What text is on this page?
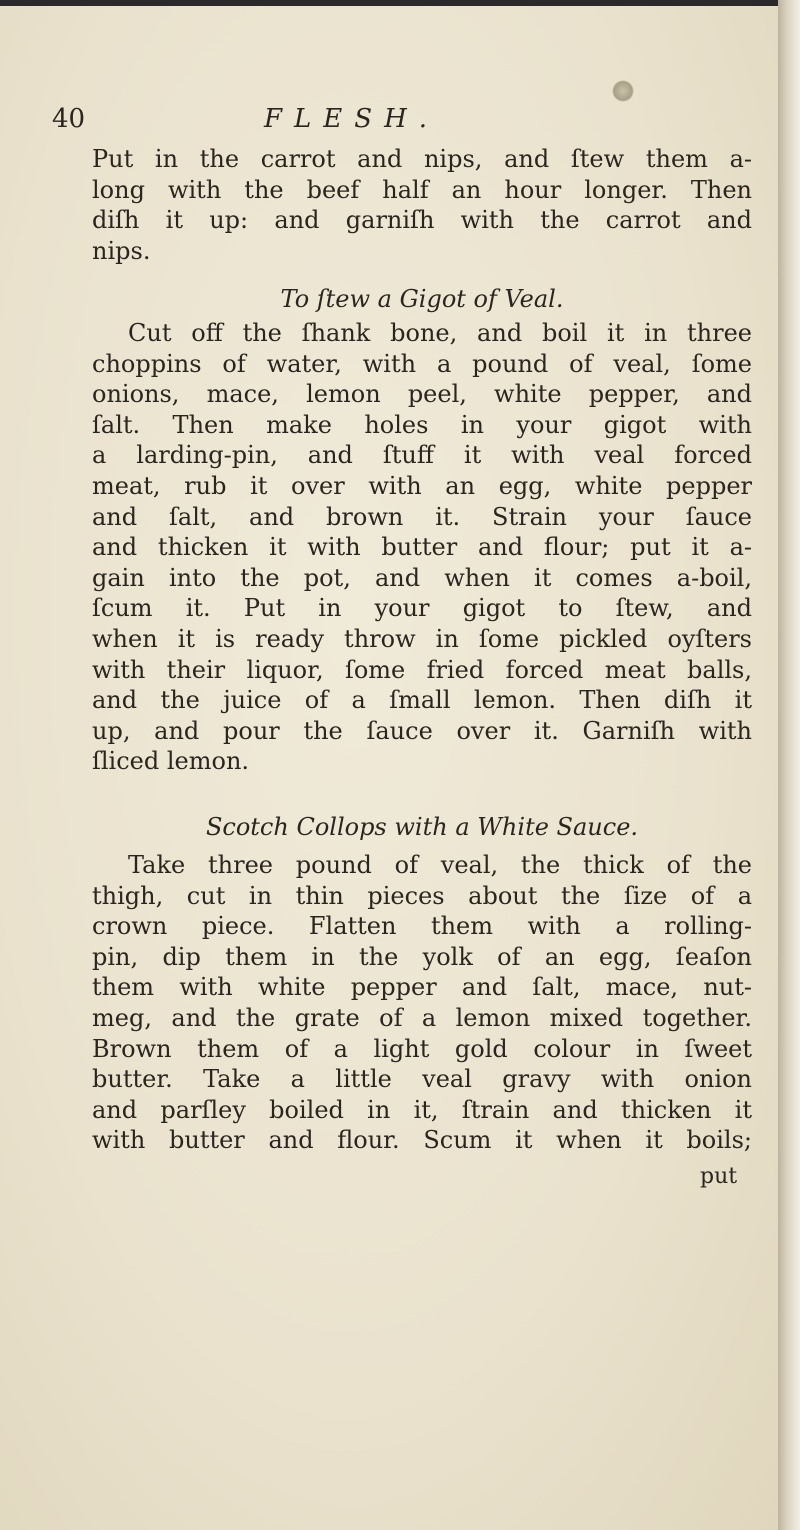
40	FLESH.
Put in the carrot and nips, and ſtew them a-
long with the beef half an hour longer. Then
diſh it up: and garniſh with the carrot and
nips.
To ſtew a Gigot of Veal.
Cut off the ſhank bone, and boil it in three
choppins of water, with a pound of veal, ſome
onions, mace, lemon peel, white pepper, and
ſalt. Then make holes in your gigot with
a larding-pin, and ſtuff it with veal forced
meat, rub it over with an egg, white pepper
and ſalt, and brown it. Strain your ſauce
and thicken it with butter and flour; put it a-
gain into the pot, and when it comes a-boil,
ſcum it. Put in your gigot to ſtew, and
when it is ready throw in ſome pickled oyſters
with their liquor, ſome fried forced meat balls,
and the juice of a ſmall lemon. Then diſh it
up, and pour the ſauce over it. Garniſh with
ſliced lemon.
Scotch Collops with a White Sauce.
Take three pound of veal, the thick of the
thigh, cut in thin pieces about the ſize of a
crown piece. Flatten them with a rolling-
pin, dip them in the yolk of an egg, ſeaſon
them with white pepper and ſalt, mace, nut-
meg, and the grate of a lemon mixed together.
Brown them of a light gold colour in ſweet
butter. Take a little veal gravy with onion
and parſley boiled in it, ſtrain and thicken it
with butter and flour. Scum it when it boils;
put
